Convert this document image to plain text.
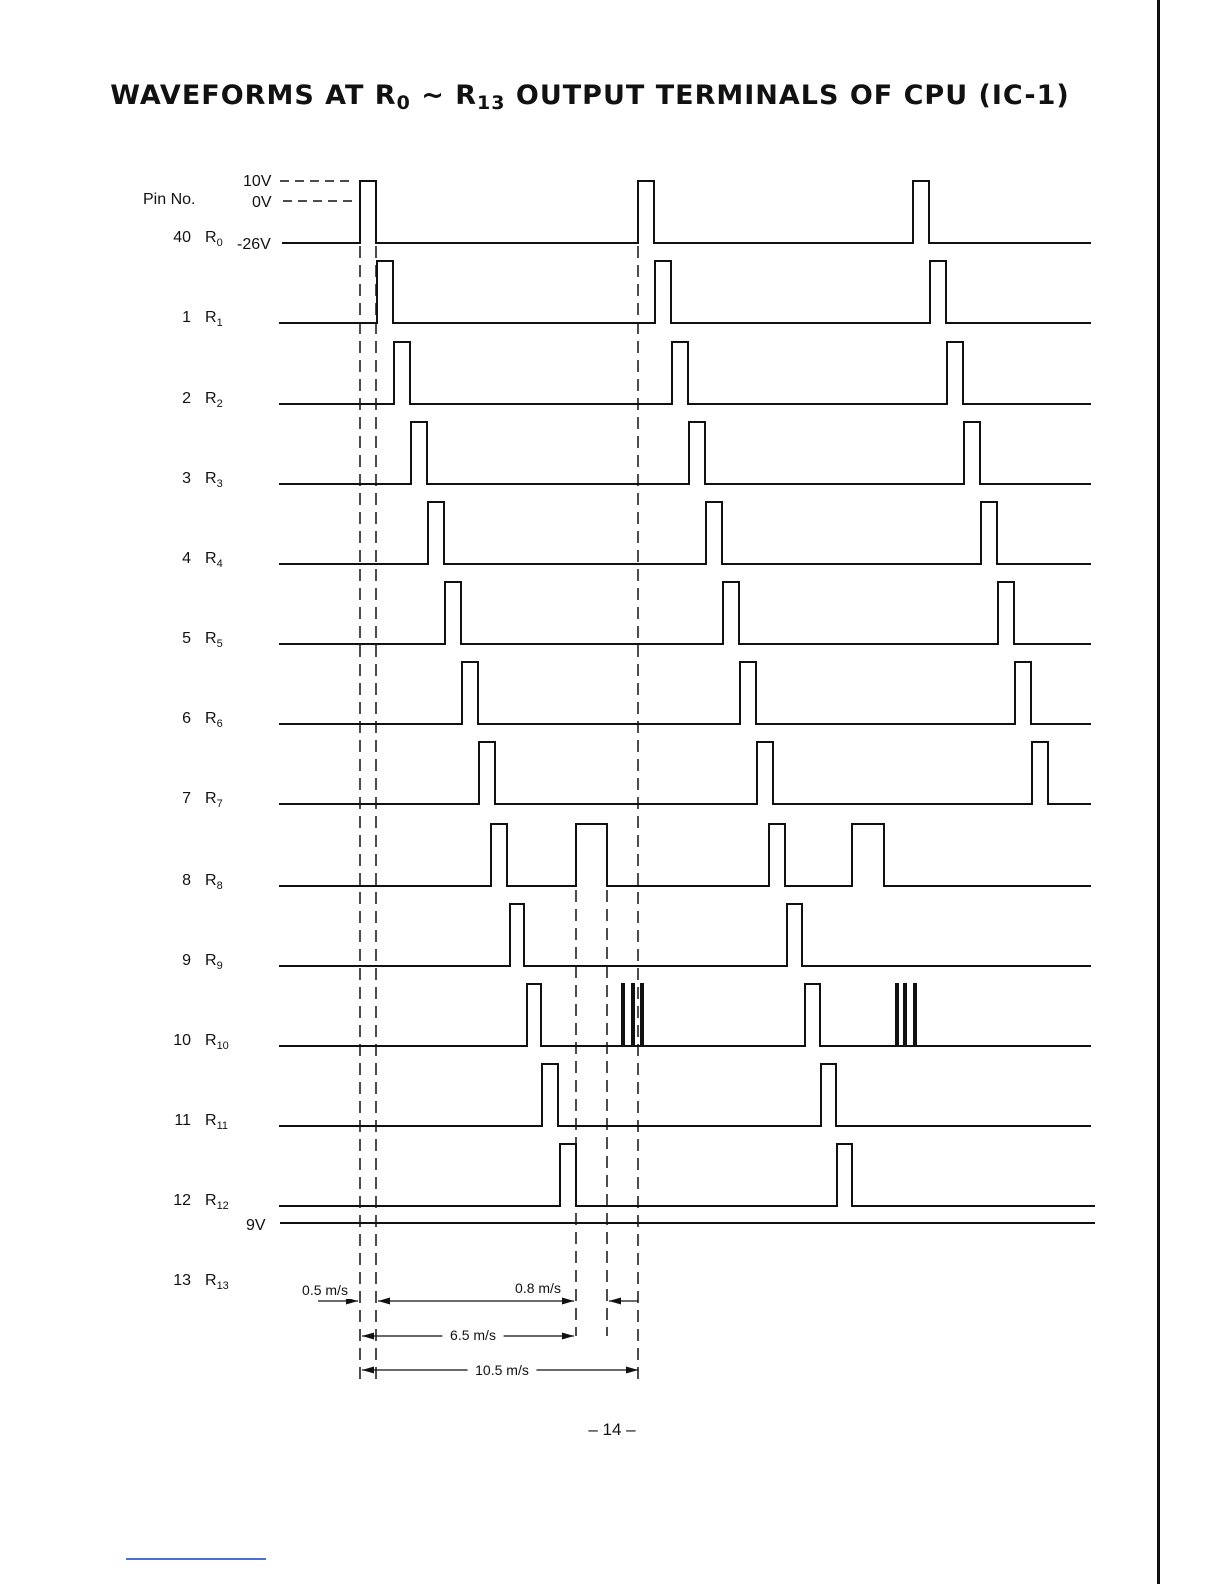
WAVEFORMS AT $R_0$ ~ $R_{13}$ OUTPUT TERMINALS OF CPU (IC-1)
Pin No.
10V
0V
-26V
9V
40 $R_0$
1 $R_1$
2 $R_2$
3 $R_3$
4 $R_4$
5 $R_5$
6 $R_6$
7 $R_7$
8 $R_8$
9 $R_9$
10 $R_{10}$
11 $R_{11}$
12 $R_{12}$
13 $R_{13}$	0.5 m/s	0.8 m/s
6.5 m/s
10.5 m/s
– 14 –
